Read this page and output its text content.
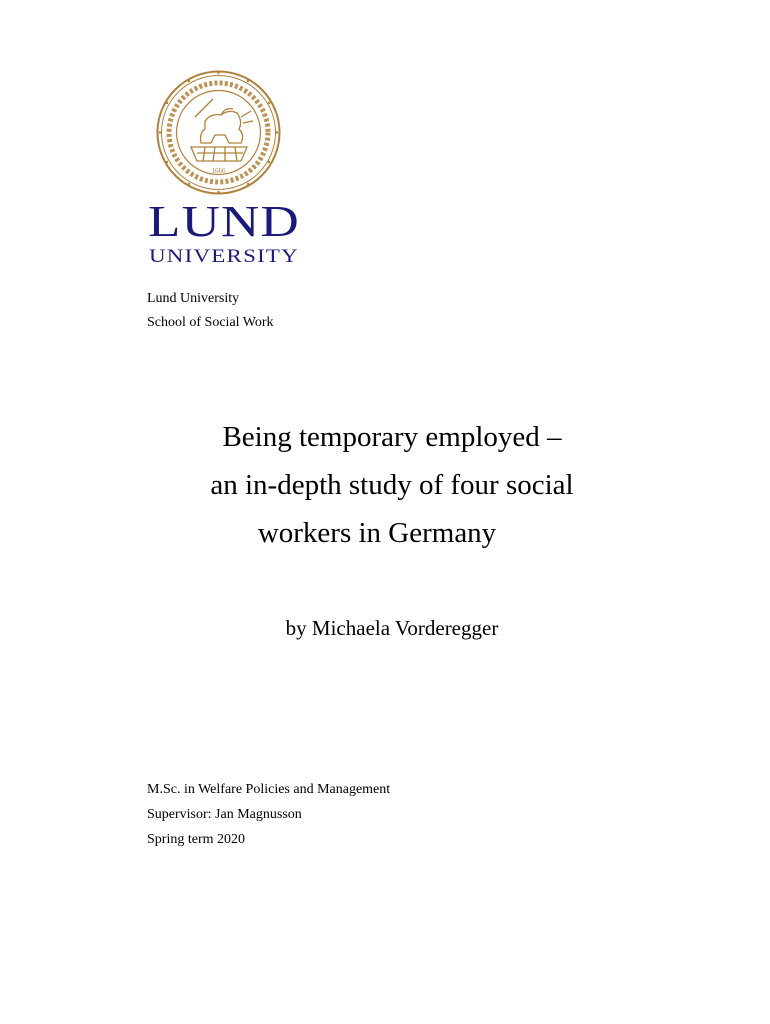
1666
LUND
UNIVERSITY
Lund University
School of Social Work
Being temporary employed –
an in-depth study of four social
workers in Germany
by Michaela Vorderegger
M.Sc. in Welfare Policies and Management
Supervisor: Jan Magnusson
Spring term 2020
